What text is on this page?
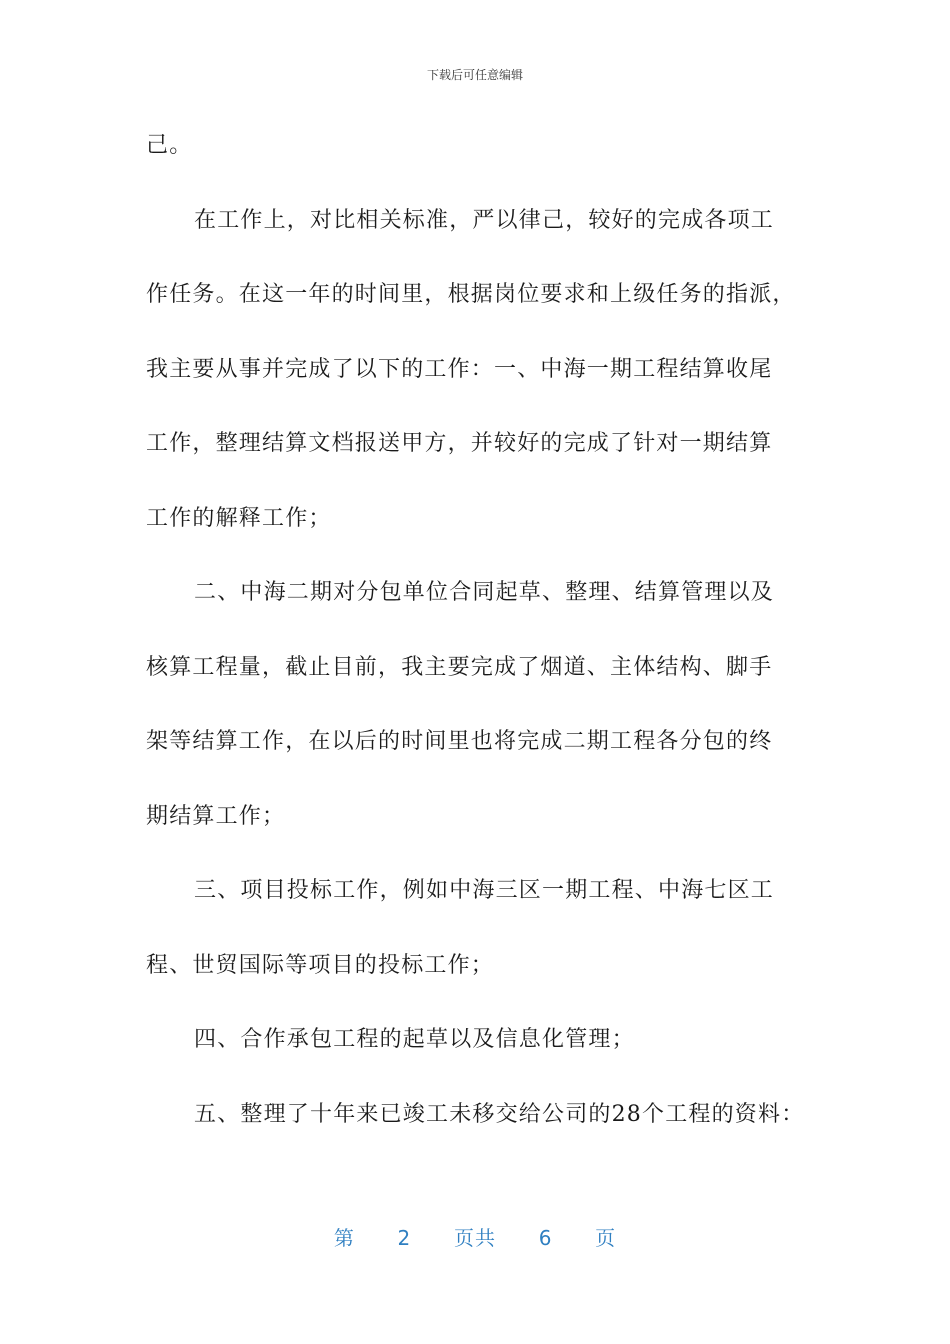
下载后可任意编辑
己。
在工作上，对比相关标准，严以律己，较好的完成各项工
作任务。在这一年的时间里，根据岗位要求和上级任务的指派，
我主要从事并完成了以下的工作：一、中海一期工程结算收尾
工作，整理结算文档报送甲方，并较好的完成了针对一期结算
工作的解释工作；
二、中海二期对分包单位合同起草、整理、结算管理以及
核算工程量，截止目前，我主要完成了烟道、主体结构、脚手
架等结算工作，在以后的时间里也将完成二期工程各分包的终
期结算工作；
三、项目投标工作，例如中海三区一期工程、中海七区工
程、世贸国际等项目的投标工作；
四、合作承包工程的起草以及信息化管理；
五、整理了十年来已竣工未移交给公司的28个工程的资料：
第 2 页共 6 页
